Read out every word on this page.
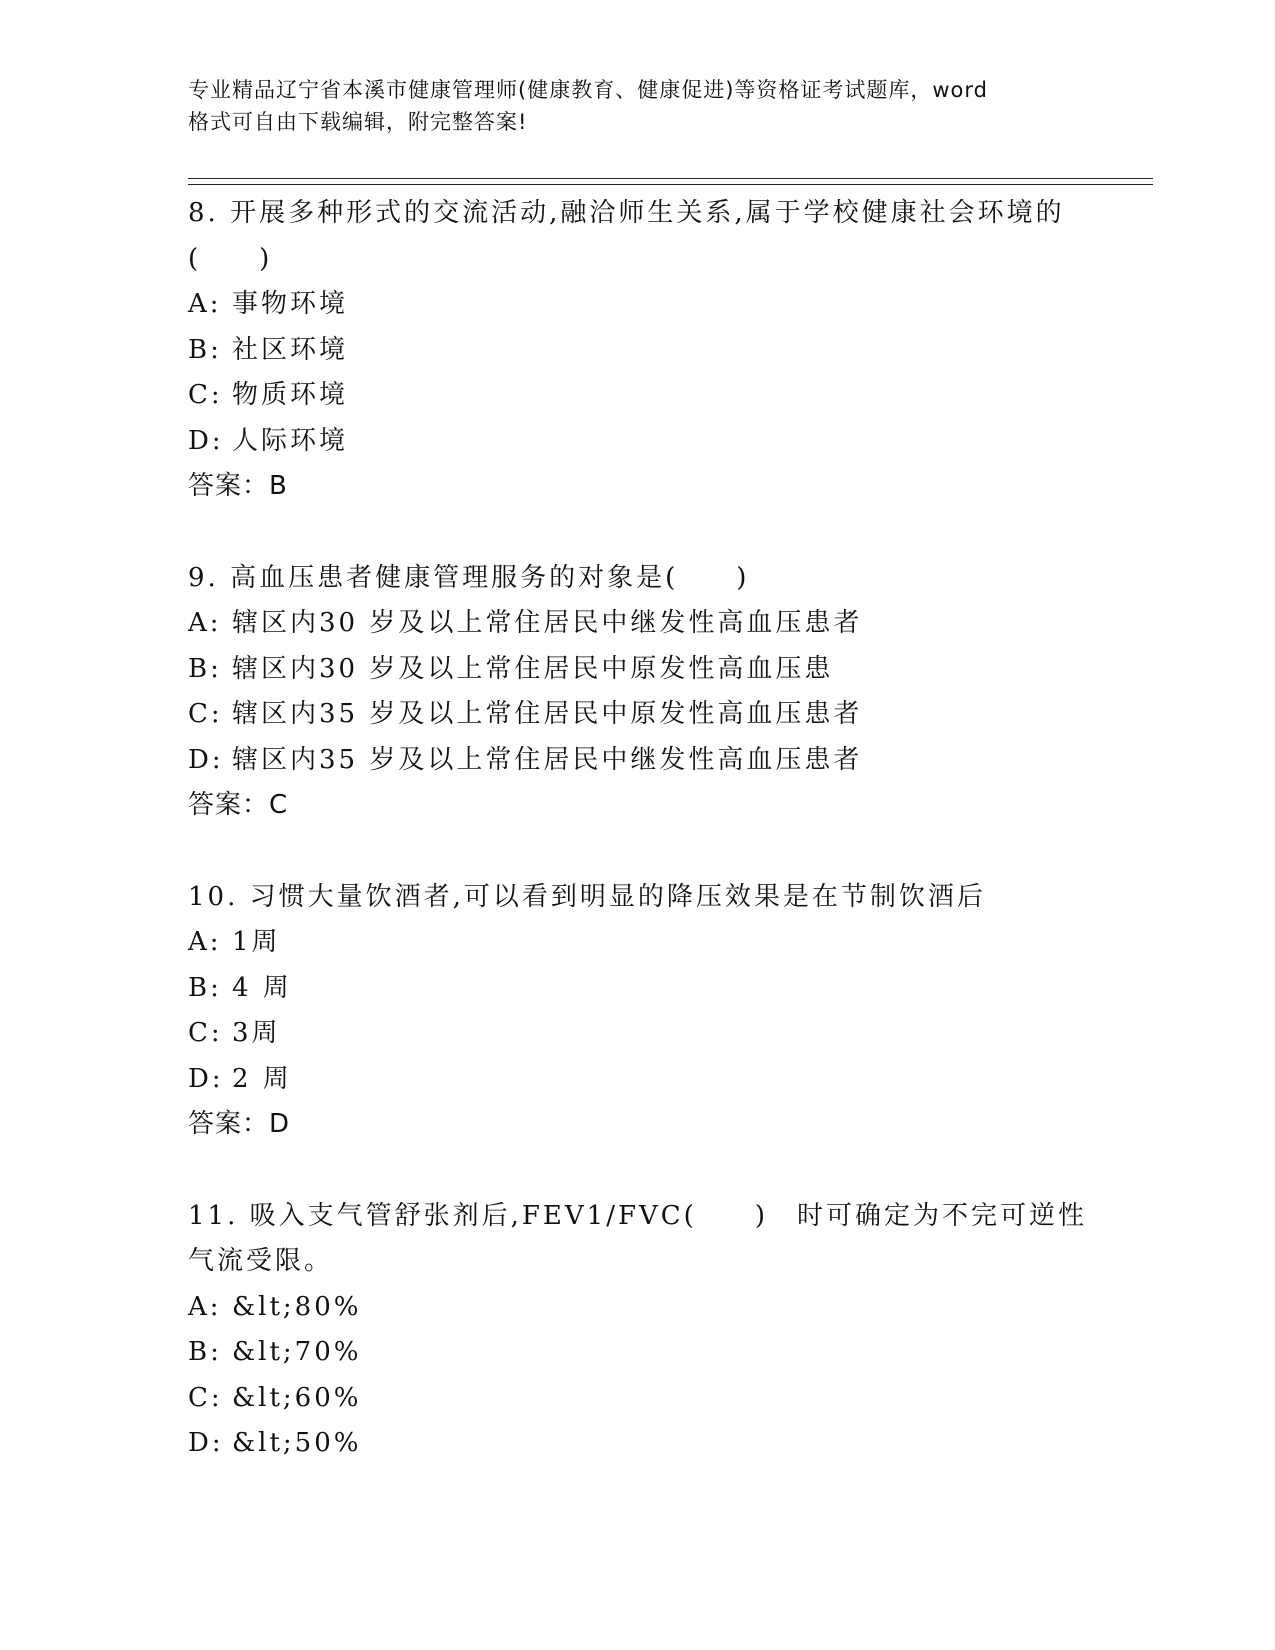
专业精品辽宁省本溪市健康管理师(健康教育、健康促进)等资格证考试题库，word
格式可自由下载编辑，附完整答案!

8. 开展多种形式的交流活动,融洽师生关系,属于学校健康社会环境的

(　　)

A: 事物环境

B: 社区环境

C: 物质环境

D: 人际环境

答案：B

9. 高血压患者健康管理服务的对象是(　　)

A: 辖区内30 岁及以上常住居民中继发性高血压患者

B: 辖区内30 岁及以上常住居民中原发性高血压患

C: 辖区内35 岁及以上常住居民中原发性高血压患者

D: 辖区内35 岁及以上常住居民中继发性高血压患者

答案：C

10. 习惯大量饮酒者,可以看到明显的降压效果是在节制饮酒后

A: 1周

B: 4 周

C: 3周

D: 2 周

答案：D

11. 吸入支气管舒张剂后,FEV1/FVC(　　)　时可确定为不完可逆性

气流受限。

A: &lt;80%

B: &lt;70%

C: &lt;60%

D: &lt;50%
